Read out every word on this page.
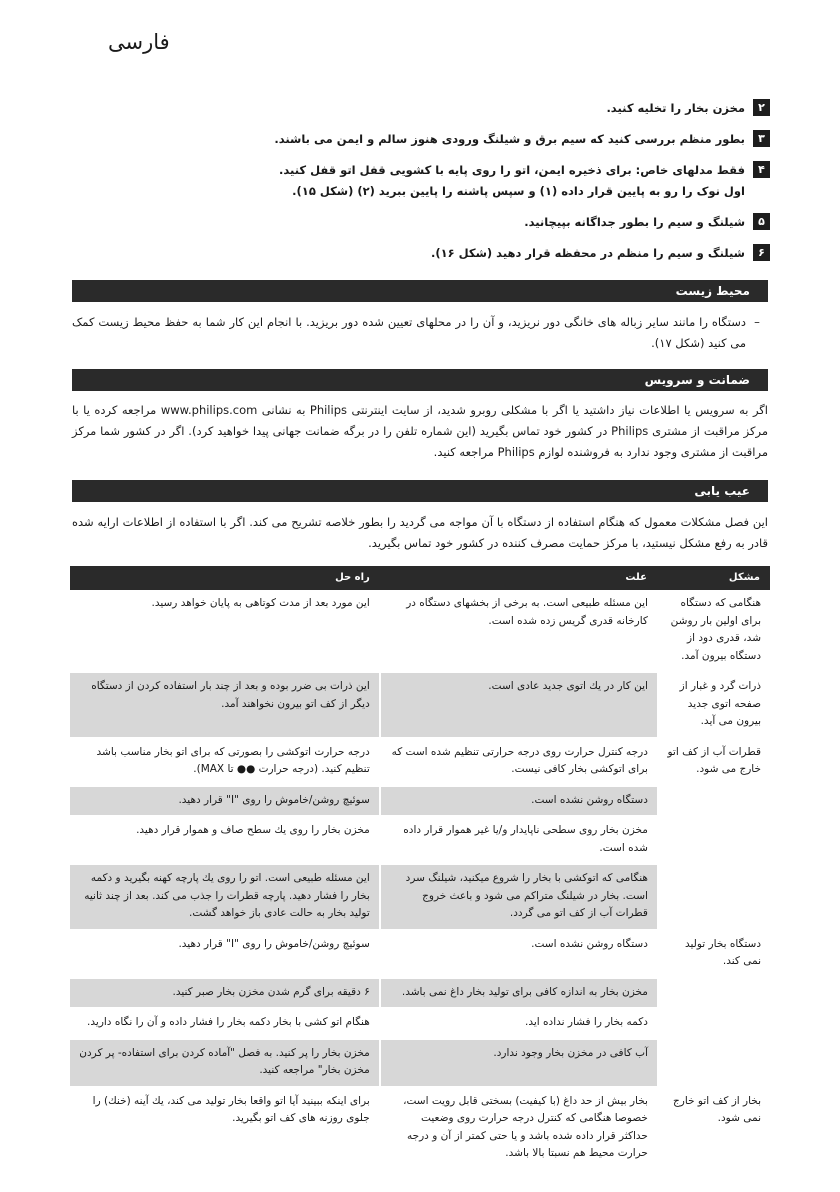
فارسی
۲
مخزن بخار را تخلیه کنید.
۳
بطور منظم بررسی کنید که سیم برق و شیلنگ ورودی هنوز سالم و ایمن می باشند.
۴
فقط مدلهای خاص: برای ذخیره ایمن، اتو را روی پایه با کشویی قفل اتو قفل کنید.
اول نوک را رو به پایین قرار داده (۱) و سپس پاشنه را پایین ببرید (۲) (شکل ۱۵).
۵
شیلنگ و سیم را بطور جداگانه بپیچانید.
۶
شیلنگ و سیم را منظم در محفظه قرار دهید (شکل ۱۶).
محیط زیست
–
دستگاه را مانند سایر زباله های خانگی دور نریزید، و آن را در محلهای تعیین شده دور بریزید. با انجام این کار شما به حفظ محیط زیست کمک می کنید (شکل ۱۷).
ضمانت و سرویس
اگر به سرویس یا اطلاعات نیاز داشتید یا اگر با مشکلی روبرو شدید، از سایت اینترنتی Philips به نشانی www.philips.com مراجعه کرده یا با مرکز مراقبت از مشتری Philips در کشور خود تماس بگیرید (این شماره تلفن را در برگه ضمانت جهانی پیدا خواهید کرد). اگر در کشور شما مرکز مراقبت از مشتری وجود ندارد به فروشنده لوازم Philips مراجعه کنید.
عیب یابی
این فصل مشکلات معمول که هنگام استفاده از دستگاه با آن مواجه می گردید را بطور خلاصه تشریح می کند. اگر با استفاده از اطلاعات ارایه شده قادر به رفع مشکل نیستید، با مرکز حمایت مصرف کننده در کشور خود تماس بگیرید.
مشکل	علت	راه حل
هنگامی که دستگاه برای اولین بار روشن شد، قدری دود از دستگاه بیرون آمد.	این مسئله طبیعی است. به برخی از بخشهای دستگاه در کارخانه قدری گریس زده شده است.	این مورد بعد از مدت کوتاهی به پایان خواهد رسید.
ذرات گرد و غبار از صفحه اتوی جدید بیرون می آید.	این کار در یك اتوی جدید عادی است.	این ذرات بی ضرر بوده و بعد از چند بار استفاده کردن از دستگاه دیگر از کف اتو بیرون نخواهند آمد.
قطرات آب از کف اتو خارج می شود.	درجه کنترل حرارت روی درجه حرارتی تنظیم شده است که برای اتوکشی بخار کافی نیست.	درجه حرارت اتوکشی را بصورتی که برای اتو بخار مناسب باشد تنظیم کنید. (درجه حرارت ●● تا MAX).
	دستگاه روشن نشده است.	سوئیچ روشن/خاموش را روی "I" قرار دهید.
	مخزن بخار روی سطحی ناپایدار و/یا غیر هموار قرار داده شده است.	مخزن بخار را روی یك سطح صاف و هموار قرار دهید.
	هنگامی که اتوکشی با بخار را شروع میکنید، شیلنگ سرد است. بخار در شیلنگ متراکم می شود و باعث خروج قطرات آب از کف اتو می گردد.	این مسئله طبیعی است. اتو را روی یك پارچه کهنه بگیرید و دکمه بخار را فشار دهید. پارچه قطرات را جذب می کند. بعد از چند ثانیه تولید بخار به حالت عادی باز خواهد گشت.
دستگاه بخار تولید نمی کند.	دستگاه روشن نشده است.	سوئیچ روشن/خاموش را روی "I" قرار دهید.
	مخزن بخار به اندازه کافی برای تولید بخار داغ نمی باشد.	۶ دقیقه برای گرم شدن مخزن بخار صبر کنید.
	دکمه بخار را فشار نداده اید.	هنگام اتو کشی با بخار دکمه بخار را فشار داده و آن را نگاه دارید.
	آب کافی در مخزن بخار وجود ندارد.	مخزن بخار را پر کنید. به فصل "آماده کردن برای استفاده- پر کردن مخزن بخار" مراجعه کنید.
بخار از کف اتو خارج نمی شود.	بخار بیش از حد داغ (با کیفیت) بسختی قابل رویت است، خصوصا هنگامی که کنترل درجه حرارت روی وضعیت حداکثر قرار داده شده باشد و یا حتی کمتر از آن و درجه حرارت محیط هم نسبتا بالا باشد.	برای اینکه ببینید آیا اتو واقعا بخار تولید می کند، یك آینه (خنك) را جلوی روزنه های کف اتو بگیرید.
